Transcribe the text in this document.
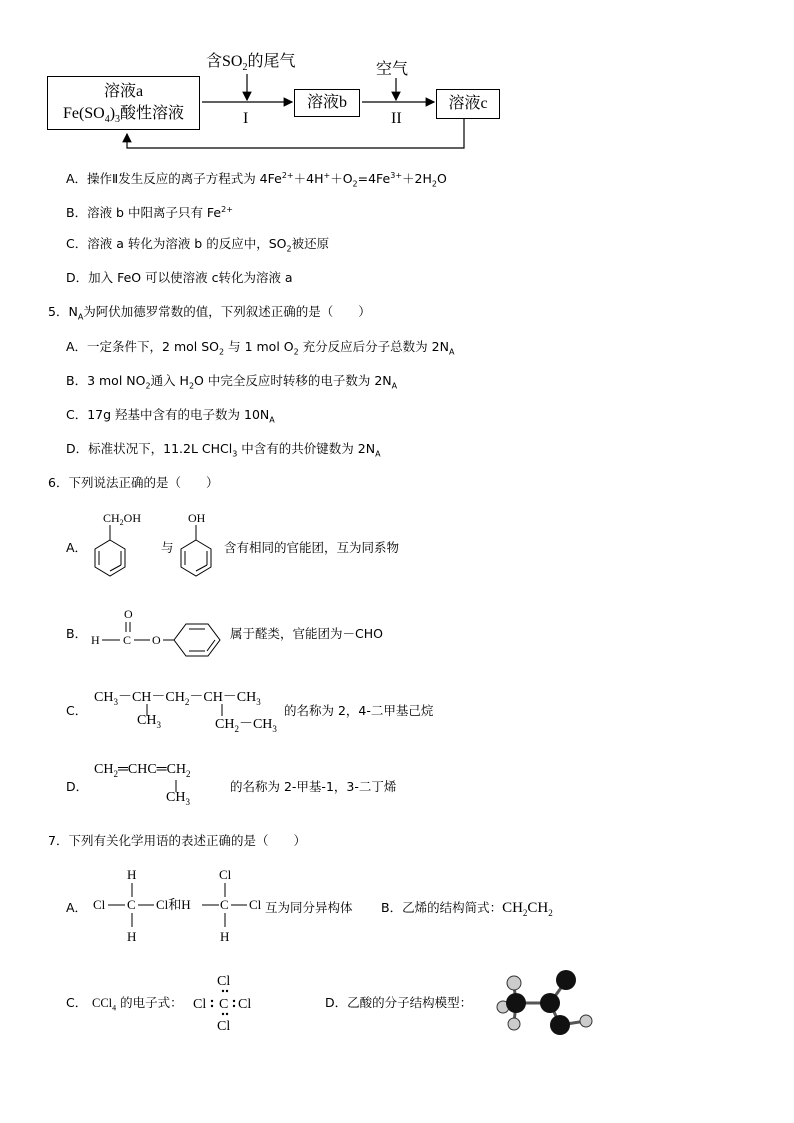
溶液a
$Fe(SO_4)_3$酸性溶液
溶液b	溶液c
含$SO_2$的尾气	空气
I	II
A．操作Ⅱ发生反应的离子方程式为 $4Fe^{2+}+4H^++O_2=4Fe^{3+}+2H_2O$
B．溶液 b 中阳离子只有 $Fe^{2+}$
C．溶液 a 转化为溶液 b 的反应中，$SO_2$被还原
D．加入 FeO 可以使溶液 c转化为溶液 a
5．$N_A$为阿伏加德罗常数的值，下列叙述正确的是（　　）
A．一定条件下，2 mol $SO_2$ 与 1 mol $O_2$ 充分反应后分子总数为 $2N_A$
B．3 mol $NO_2$通入 $H_2O$ 中完全反应时转移的电子数为 $2N_A$
C．17g 羟基中含有的电子数为 $10N_A$
D．标准状况下，11.2L CHCl$_3$ 中含有的共价键数为 $2N_A$
6．下列说法正确的是（　　）
A．
$CH_2OH$
与
OH
含有相同的官能团，互为同系物
B．
O
H C O	属于醛类，官能团为－CHO
C．
$CH_3-CH-CH_2-CH-CH_3$
$CH_3$	$CH_2-CH_3$
的名称为 2，4-二甲基己烷
D．
$CH_2═CHC═CH_2$
$CH_3$
的名称为 2-甲基-1，3-二丁烯
7．下列有关化学用语的表述正确的是（　　）
A．
H
Cl C Cl和H
H
Cl
C Cl
H
互为同分异构体 B．乙烯的结构简式：$CH_2CH_2$
C． CCl$_4$ 的电子式：
Cl
Cl C Cl
Cl
D．乙酸的分子结构模型：
